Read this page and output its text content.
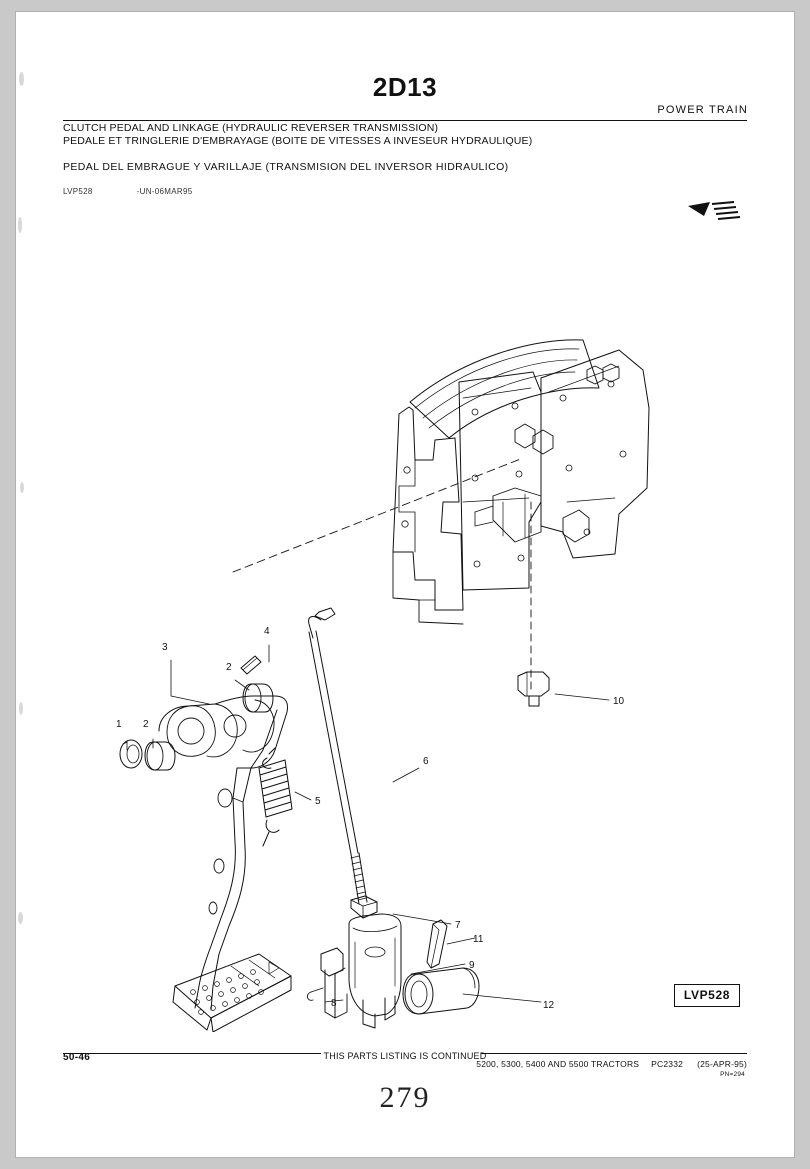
2D13
POWER TRAIN
CLUTCH PEDAL AND LINKAGE (HYDRAULIC REVERSER TRANSMISSION)
PEDALE ET TRINGLERIE D'EMBRAYAGE (BOITE DE VITESSES A INVESEUR HYDRAULIQUE)
PEDAL DEL EMBRAGUE Y VARILLAJE (TRANSMISION DEL INVERSOR HIDRAULICO)
LVP528	-UN-06MAR95
1 2
2
3
4
5
6
7
8
9
10
11
12
LVP528
50-46	THIS PARTS LISTING IS CONTINUED
5200, 5300, 5400 AND 5500 TRACTORS PC2332 (25-APR-95)
PN=294
279
